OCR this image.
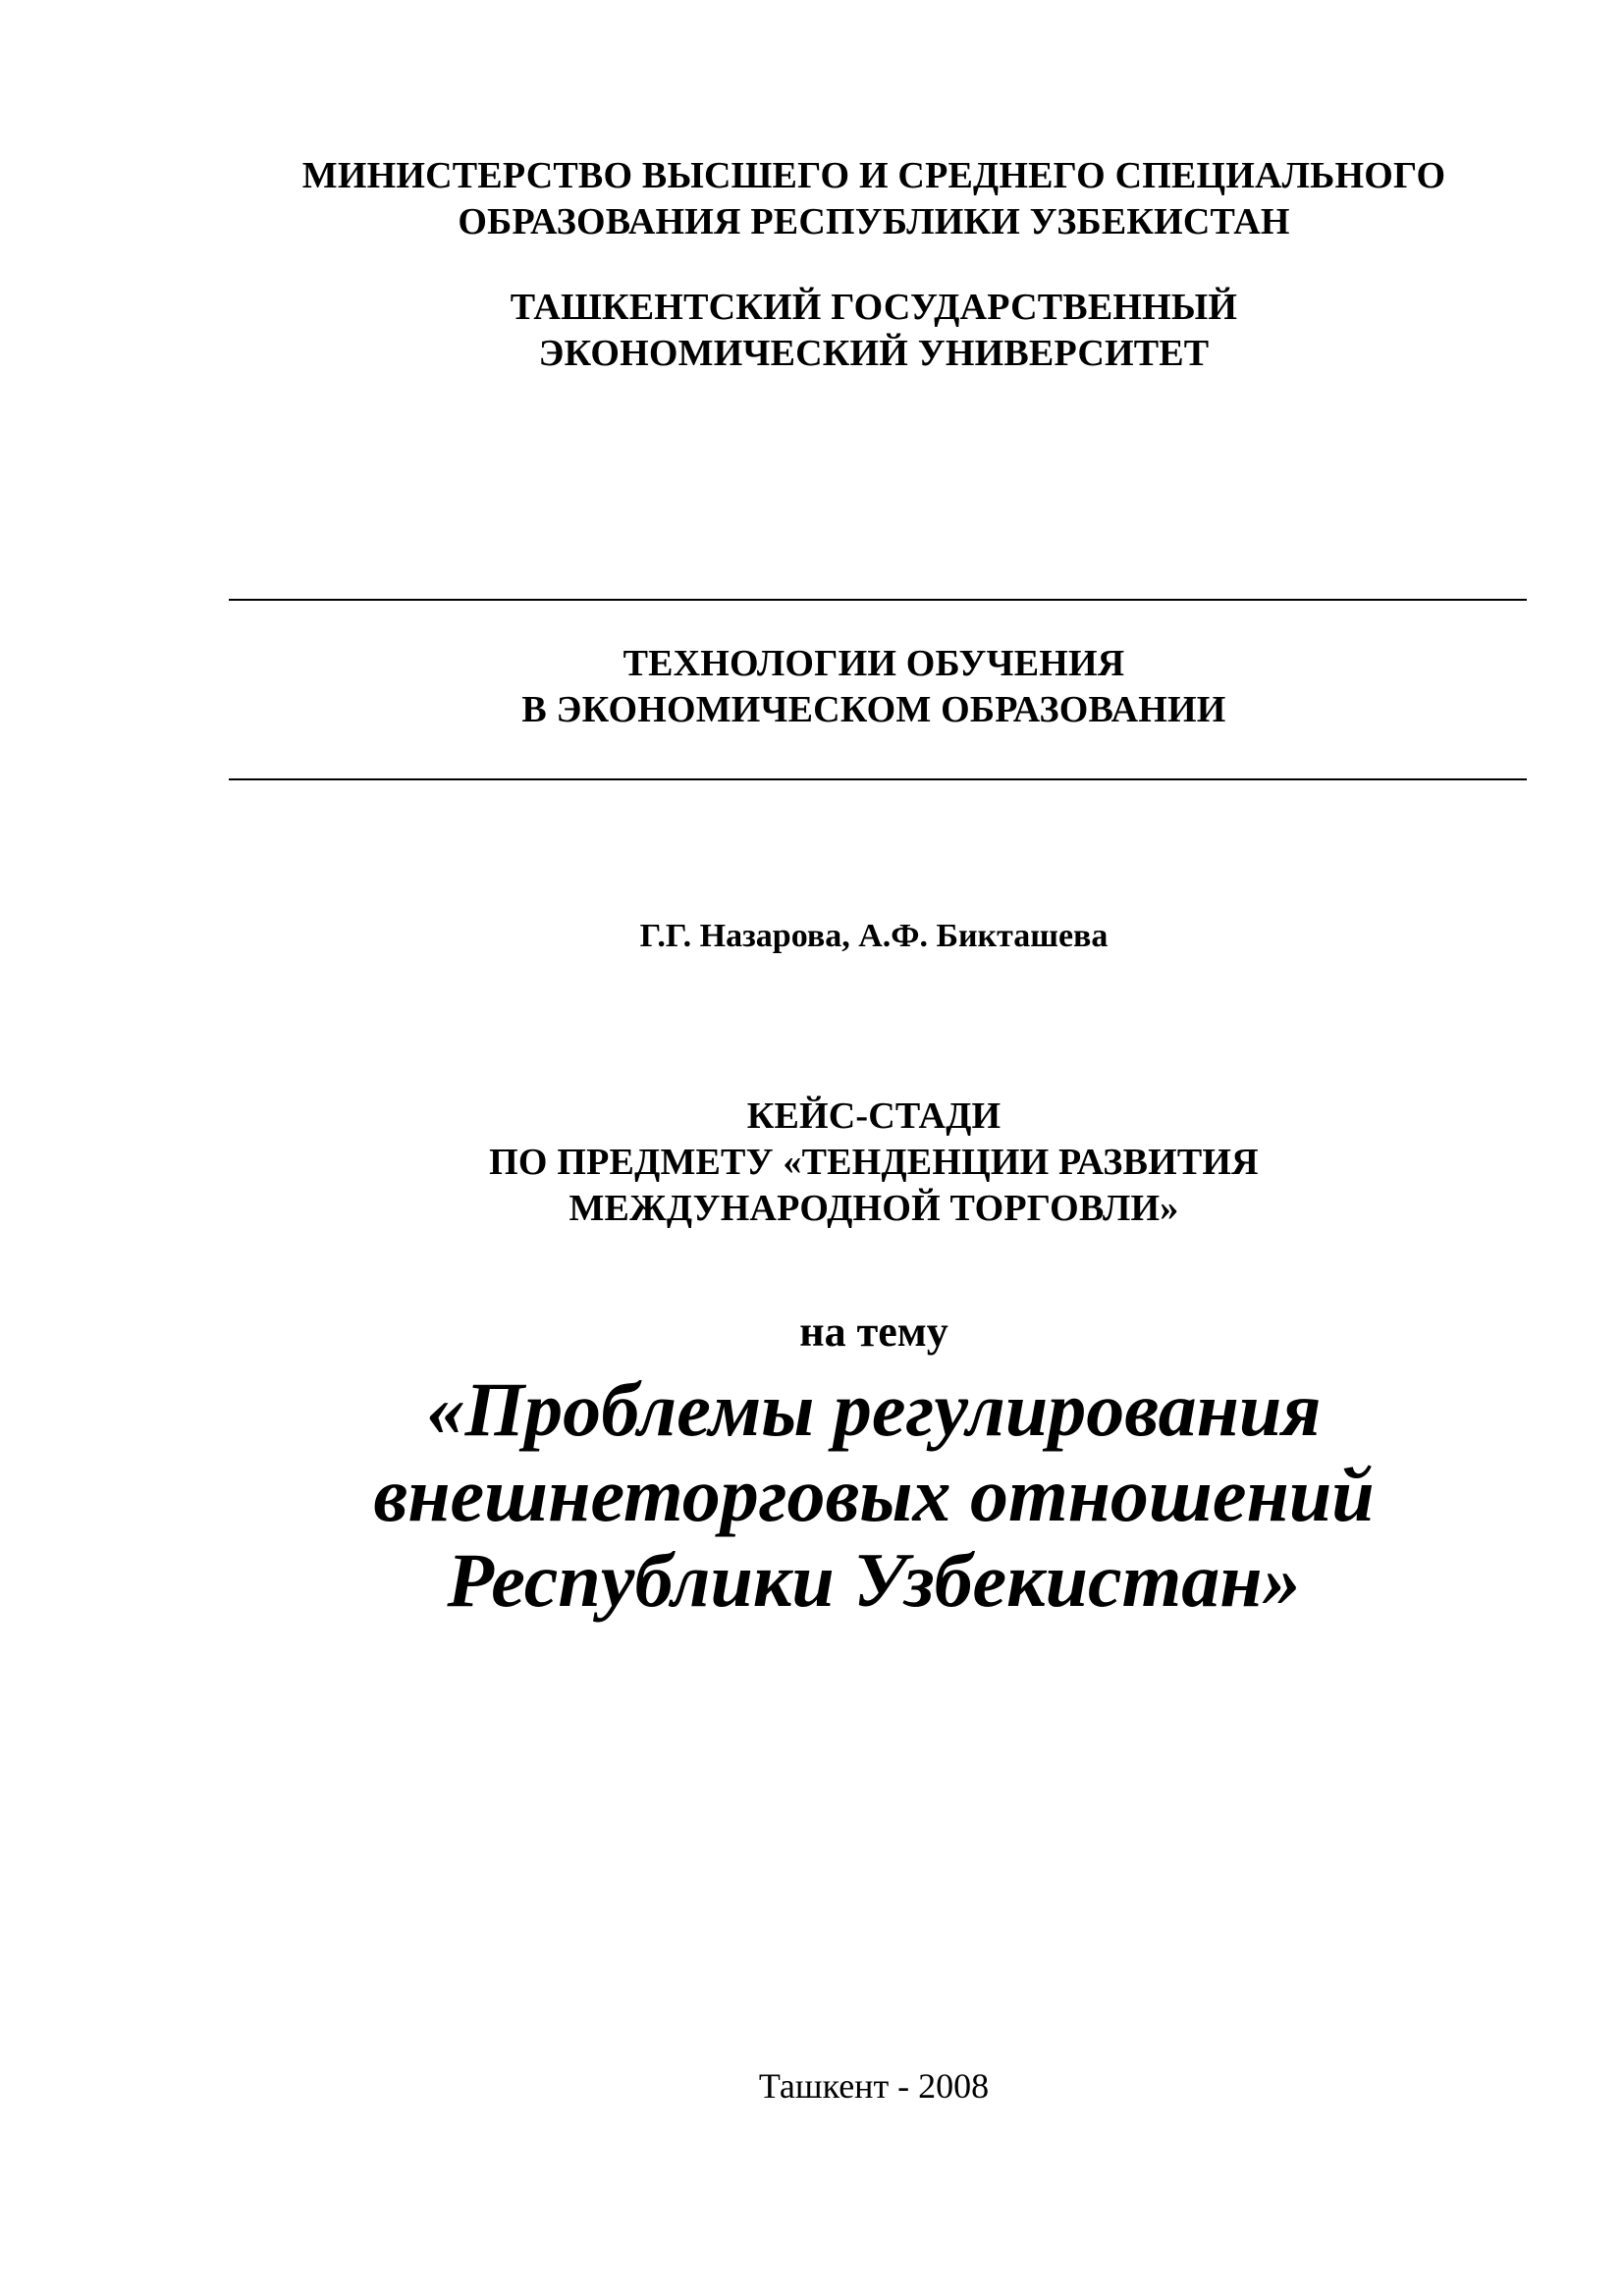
МИНИСТЕРСТВО ВЫСШЕГО И СРЕДНЕГО СПЕЦИАЛЬНОГО
ОБРАЗОВАНИЯ РЕСПУБЛИКИ УЗБЕКИСТАН
ТАШКЕНТСКИЙ ГОСУДАРСТВЕННЫЙ
ЭКОНОМИЧЕСКИЙ УНИВЕРСИТЕТ
ТЕХНОЛОГИИ ОБУЧЕНИЯ
В ЭКОНОМИЧЕСКОМ ОБРАЗОВАНИИ
Г.Г. Назарова, А.Ф. Бикташева
КЕЙС-СТАДИ
ПО ПРЕДМЕТУ «ТЕНДЕНЦИИ РАЗВИТИЯ
МЕЖДУНАРОДНОЙ ТОРГОВЛИ»
на тему
«Проблемы регулирования
внешнеторговых отношений
Республики Узбекистан»
Ташкент - 2008
